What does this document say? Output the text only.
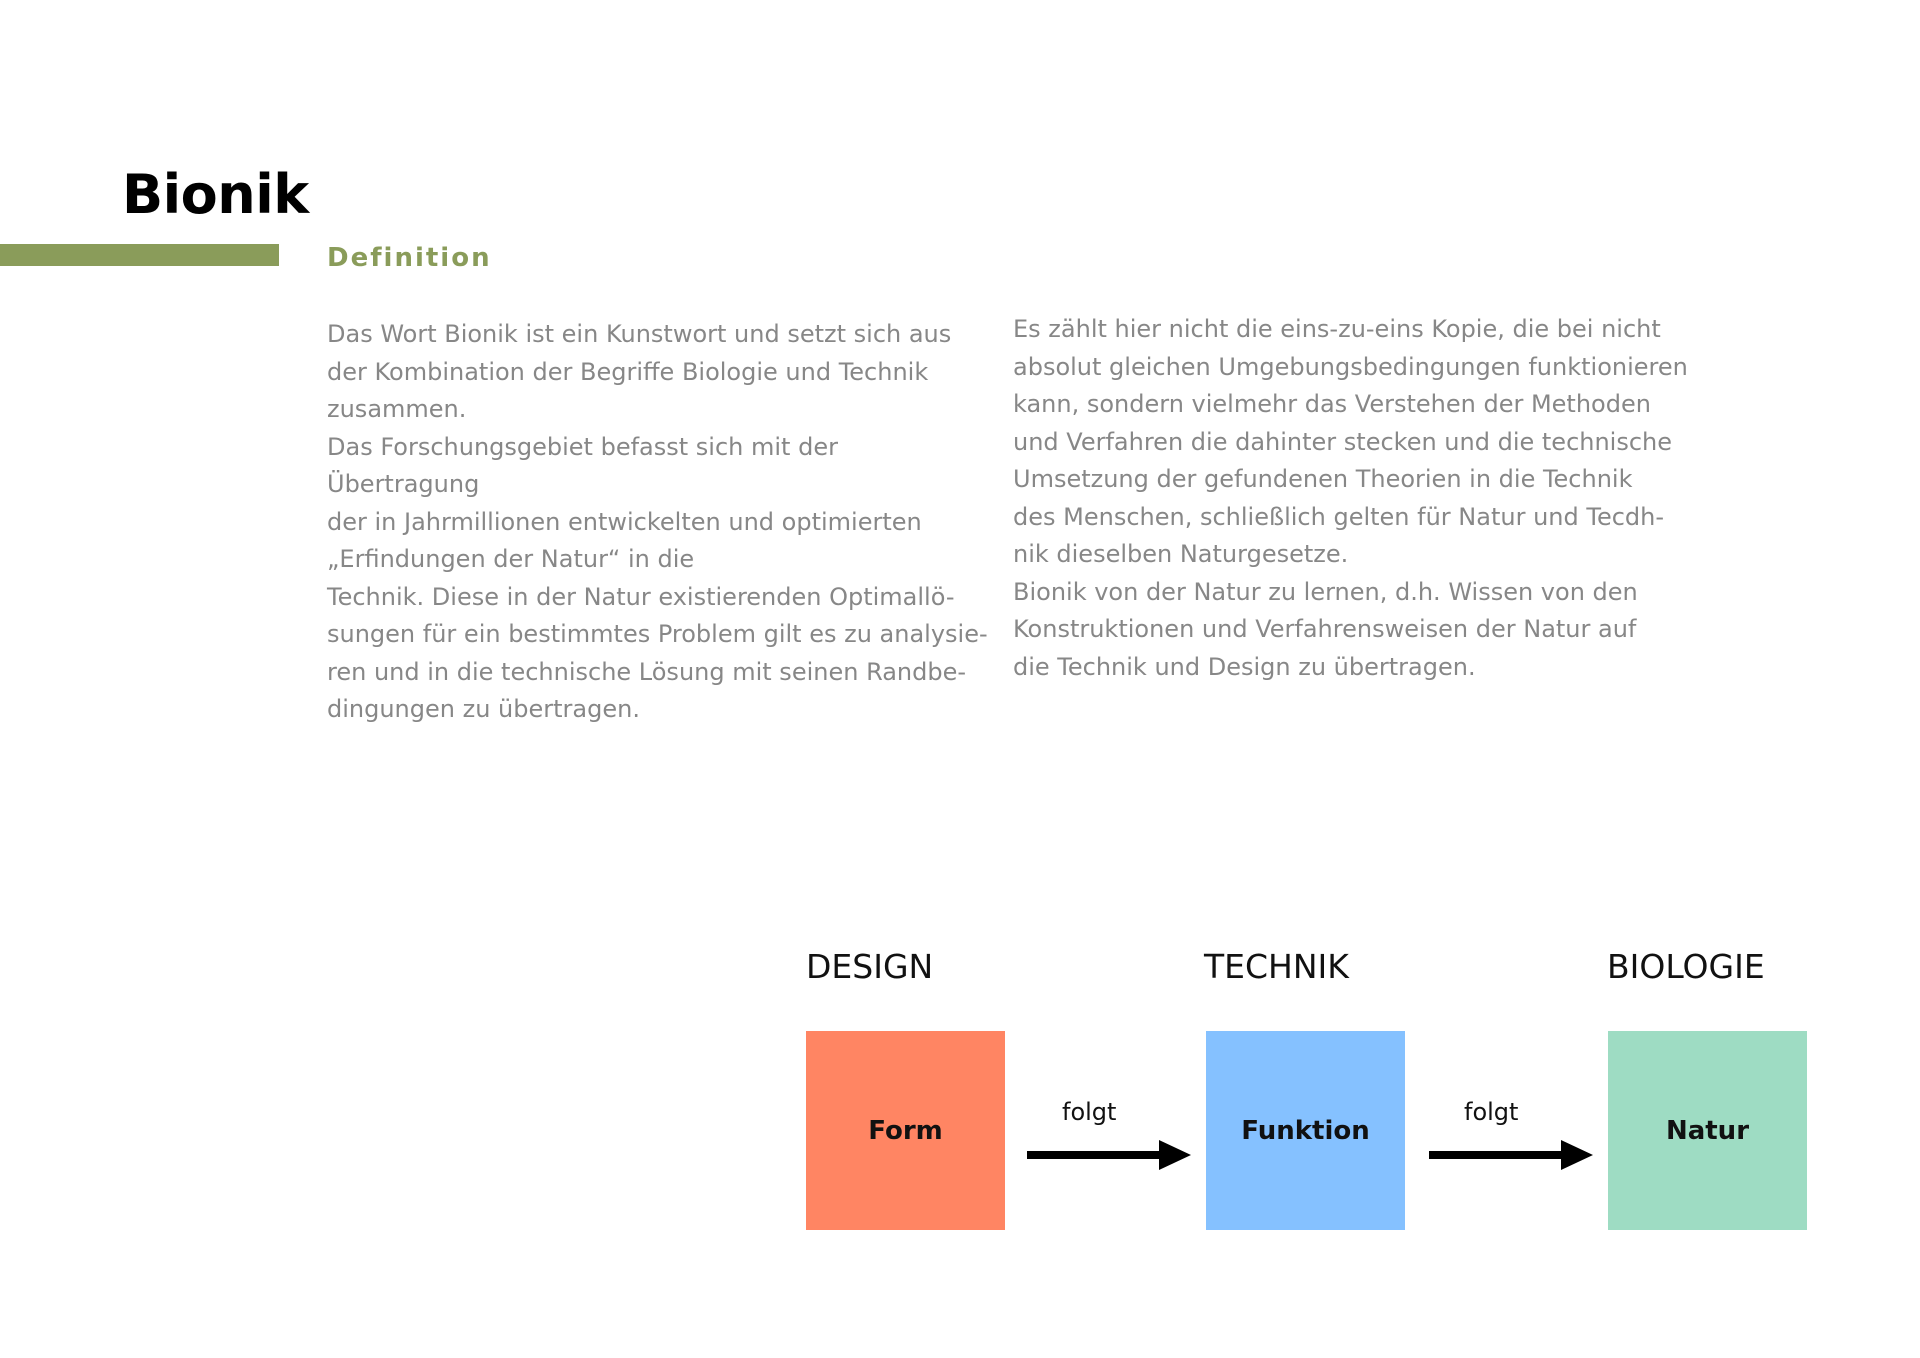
Bionik
Definition

Das Wort Bionik ist ein Kunstwort und setzt sich aus

der Kombination der Begriffe Biologie und Technik

zusammen.

Das Forschungsgebiet befasst sich mit der Übertragung

der in Jahrmillionen entwickelten und optimierten

„Erfindungen der Natur“ in die

Technik. Diese in der Natur existierenden Optimallö-

sungen für ein bestimmtes Problem gilt es zu analysie-

ren und in die technische Lösung mit seinen Randbe-

dingungen zu übertragen.

Es zählt hier nicht die eins-zu-eins Kopie, die bei nicht

absolut gleichen Umgebungsbedingungen funktionieren

kann, sondern vielmehr das Verstehen der Methoden

und Verfahren die dahinter stecken und die technische

Umsetzung der gefundenen Theorien in die Technik

des Menschen, schließlich gelten für Natur und Tecdh-

nik dieselben Naturgesetze.

Bionik von der Natur zu lernen, d.h. Wissen von den

Konstruktionen und Verfahrensweisen der Natur auf

die Technik und Design zu übertragen.

DESIGN	TECHNIK	BIOLOGIE
Form	Funktion	Natur
folgt	folgt
